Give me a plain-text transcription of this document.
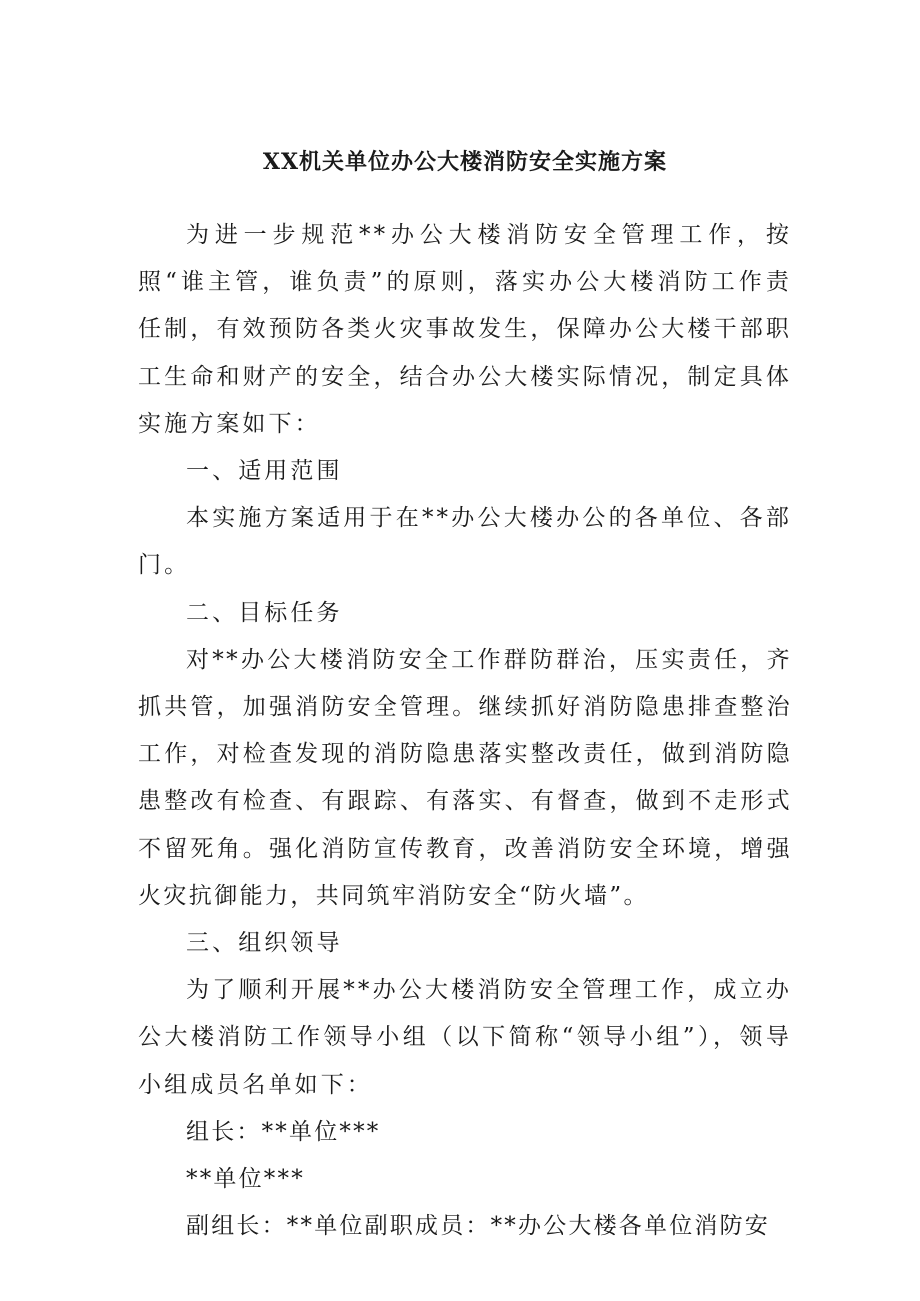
XX机关单位办公大楼消防安全实施方案

为进一步规范**办公大楼消防安全管理工作，按照“谁主管，谁负责”的原则，落实办公大楼消防工作责任制，有效预防各类火灾事故发生，保障办公大楼干部职工生命和财产的安全，结合办公大楼实际情况，制定具体实施方案如下：

一、适用范围

本实施方案适用于在**办公大楼办公的各单位、各部门。

二、目标任务

对**办公大楼消防安全工作群防群治，压实责任，齐抓共管，加强消防安全管理。继续抓好消防隐患排查整治工作，对检查发现的消防隐患落实整改责任，做到消防隐患整改有检查、有跟踪、有落实、有督查，做到不走形式不留死角。强化消防宣传教育，改善消防安全环境，增强火灾抗御能力，共同筑牢消防安全“防火墙”。

三、组织领导

为了顺利开展**办公大楼消防安全管理工作，成立办公大楼消防工作领导小组（以下简称“领导小组”），领导小组成员名单如下：

组长：**单位***

**单位***

副组长：**单位副职成员：**办公大楼各单位消防安
